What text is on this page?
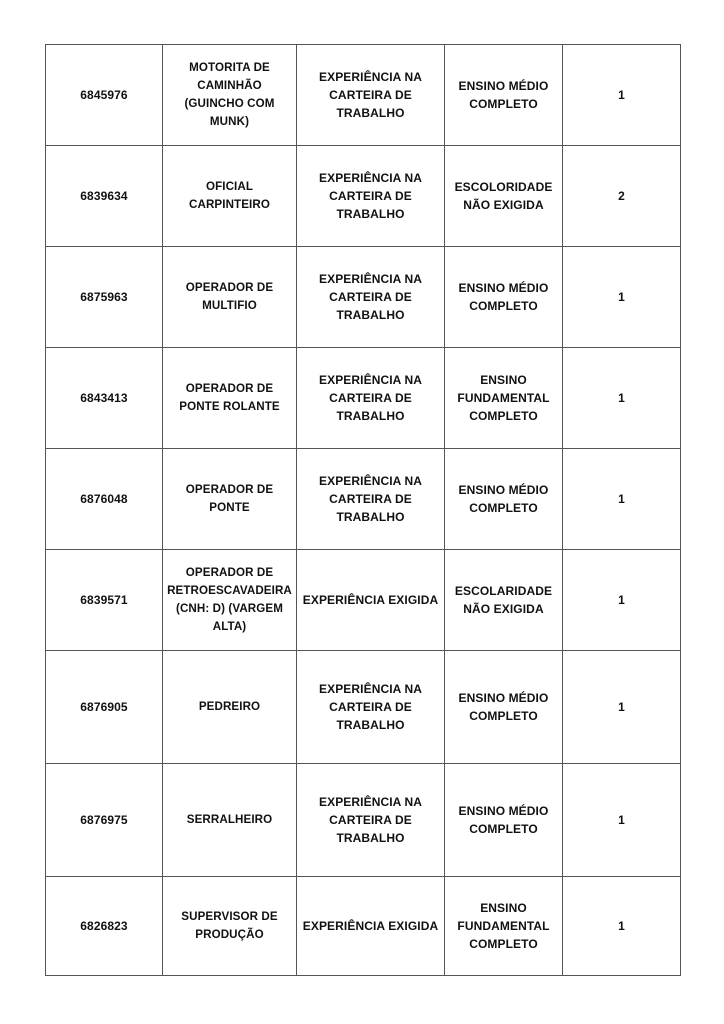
6845976	MOTORITA DE CAMINHÃO (GUINCHO COM MUNK)	EXPERIÊNCIA NA CARTEIRA DE TRABALHO	ENSINO MÉDIO COMPLETO	1
6839634	OFICIAL CARPINTEIRO	EXPERIÊNCIA NA CARTEIRA DE TRABALHO	ESCOLORIDADE NÃO EXIGIDA	2
6875963	OPERADOR DE MULTIFIO	EXPERIÊNCIA NA CARTEIRA DE TRABALHO	ENSINO MÉDIO COMPLETO	1
6843413	OPERADOR DE PONTE ROLANTE	EXPERIÊNCIA NA CARTEIRA DE TRABALHO	ENSINO FUNDAMENTAL COMPLETO	1
6876048	OPERADOR DE PONTE	EXPERIÊNCIA NA CARTEIRA DE TRABALHO	ENSINO MÉDIO COMPLETO	1
6839571	OPERADOR DE RETROESCAVADEIRA (CNH: D) (VARGEM ALTA)	EXPERIÊNCIA EXIGIDA	ESCOLARIDADE NÃO EXIGIDA	1
6876905	PEDREIRO	EXPERIÊNCIA NA CARTEIRA DE TRABALHO	ENSINO MÉDIO COMPLETO	1
6876975	SERRALHEIRO	EXPERIÊNCIA NA CARTEIRA DE TRABALHO	ENSINO MÉDIO COMPLETO	1
6826823	SUPERVISOR DE PRODUÇÃO	EXPERIÊNCIA EXIGIDA	ENSINO FUNDAMENTAL COMPLETO	1
